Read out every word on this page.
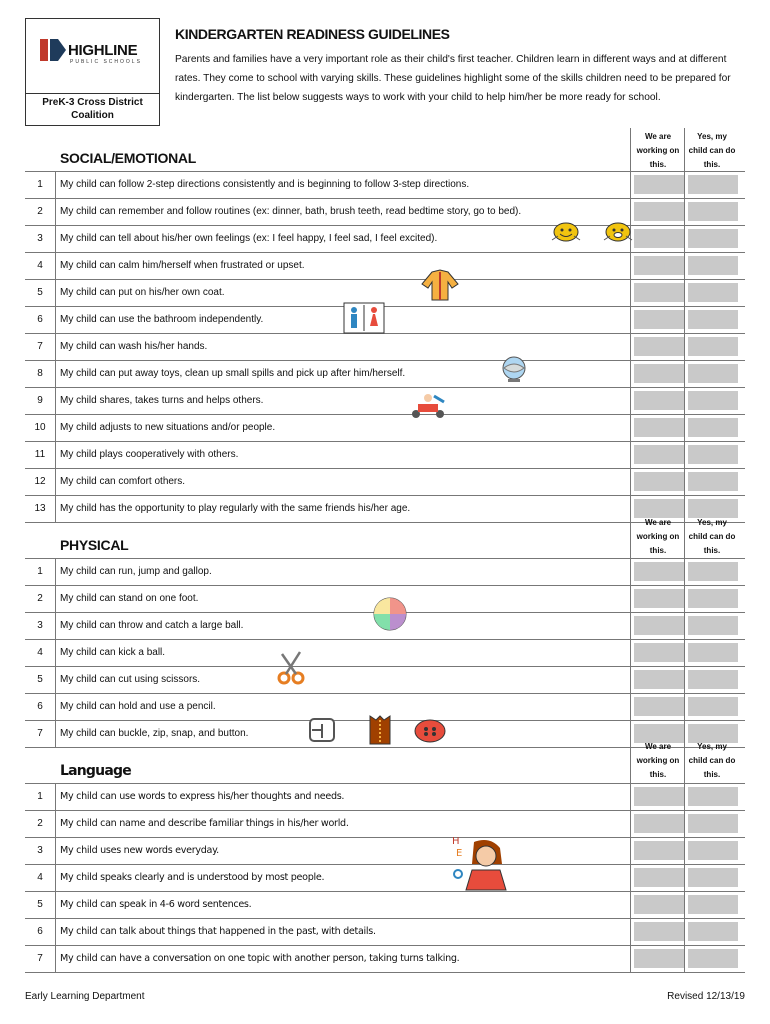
HIGHLINE
PUBLIC SCHOOLS
PreK-3 Cross District
Coalition
KINDERGARTEN READINESS GUIDELINES
Parents and families have a very important role as their child's first teacher. Children learn in different ways and at different rates. They come to school with varying skills. These guidelines highlight some of the skills children need to be prepared for kindergarten. The list below suggests ways to work with your child to help him/her be more ready for school.
SOCIAL/EMOTIONAL
We are
working on
this.
Yes, my
child can do
this.
1	My child can follow 2-step directions consistently and is beginning to follow 3-step directions.
2	My child can remember and follow routines (ex: dinner, bath, brush teeth, read bedtime story, go to bed).
3	My child can tell about his/her own feelings (ex: I feel happy, I feel sad, I feel excited).
4	My child can calm him/herself when frustrated or upset.
5	My child can put on his/her own coat.
6	My child can use the bathroom independently.
7	My child can wash his/her hands.
8	My child can put away toys, clean up small spills and pick up after him/herself.
9	My child shares, takes turns and helps others.
10	My child adjusts to new situations and/or people.
11	My child plays cooperatively with others.
12	My child can comfort others.
13	My child has the opportunity to play regularly with the same friends his/her age.
PHYSICAL
We are
working on
this.
Yes, my
child can do
this.
1	My child can run, jump and gallop.
2	My child can stand on one foot.
3	My child can throw and catch a large ball.
4	My child can kick a ball.
5	My child can cut using scissors.
6	My child can hold and use a pencil.
7	My child can buckle, zip, snap, and button.
Language
We are
working on
this.
Yes, my
child can do
this.
1	My child can use words to express his/her thoughts and needs.
2	My child can name and describe familiar things in his/her world.
3	My child uses new words everyday.
4	My child speaks clearly and is understood by most people.
5	My child can speak in 4-6 word sentences.
6	My child can talk about things that happened in the past, with details.
7	My child can have a conversation on one topic with another person, taking turns talking.
H
E
Early Learning Department	Revised 12/13/19
